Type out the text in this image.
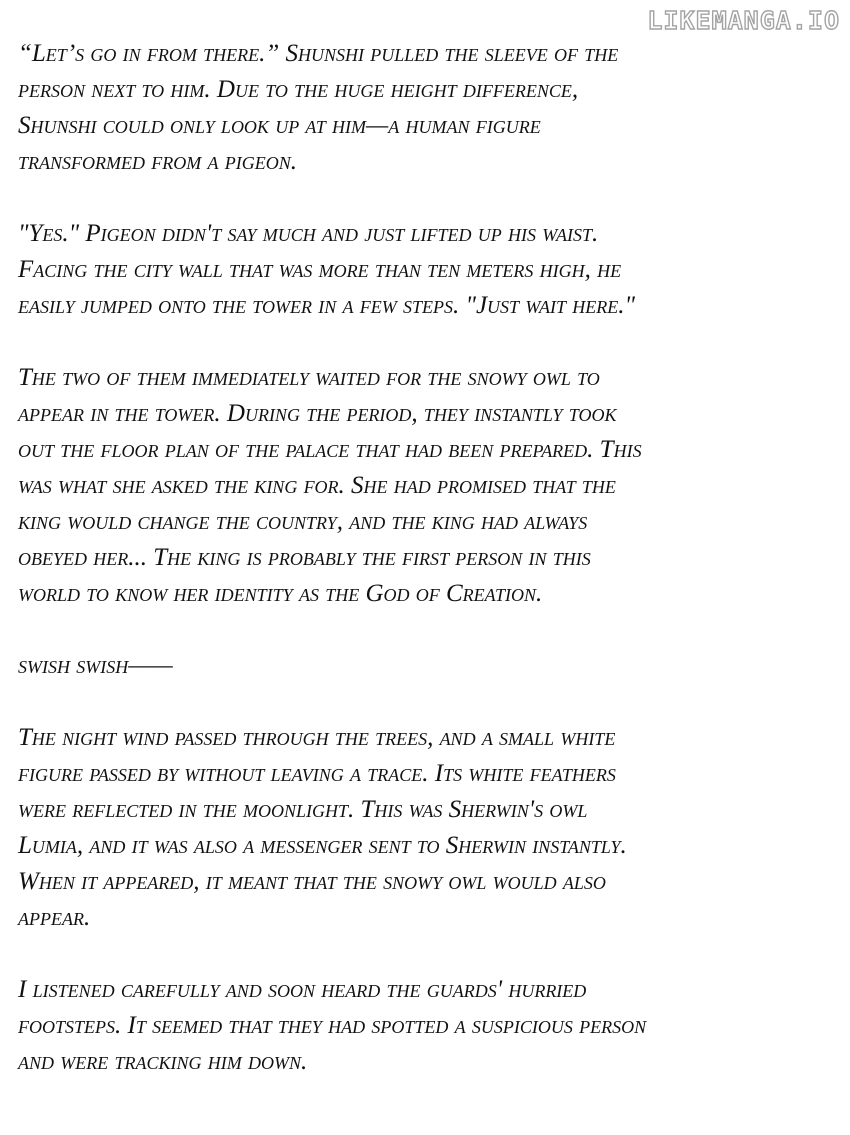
LIKEMANGA.IO

“Let’s go in from there.” Shunshi pulled the sleeve of the
person next to him. Due to the huge height difference,
Shunshi could only look up at him—a human figure
transformed from a pigeon.

"Yes." Pigeon didn't say much and just lifted up his waist.
Facing the city wall that was more than ten meters high, he
easily jumped onto the tower in a few steps. "Just wait here."

The two of them immediately waited for the snowy owl to
appear in the tower. During the period, they instantly took
out the floor plan of the palace that had been prepared. This
was what she asked the king for. She had promised that the
king would change the country, and the king had always
obeyed her... The king is probably the first person in this
world to know her identity as the God of Creation.

swish swish——

The night wind passed through the trees, and a small white
figure passed by without leaving a trace. Its white feathers
were reflected in the moonlight. This was Sherwin's owl
Lumia, and it was also a messenger sent to Sherwin instantly.
When it appeared, it meant that the snowy owl would also
appear.

I listened carefully and soon heard the guards' hurried
footsteps. It seemed that they had spotted a suspicious person
and were tracking him down.
